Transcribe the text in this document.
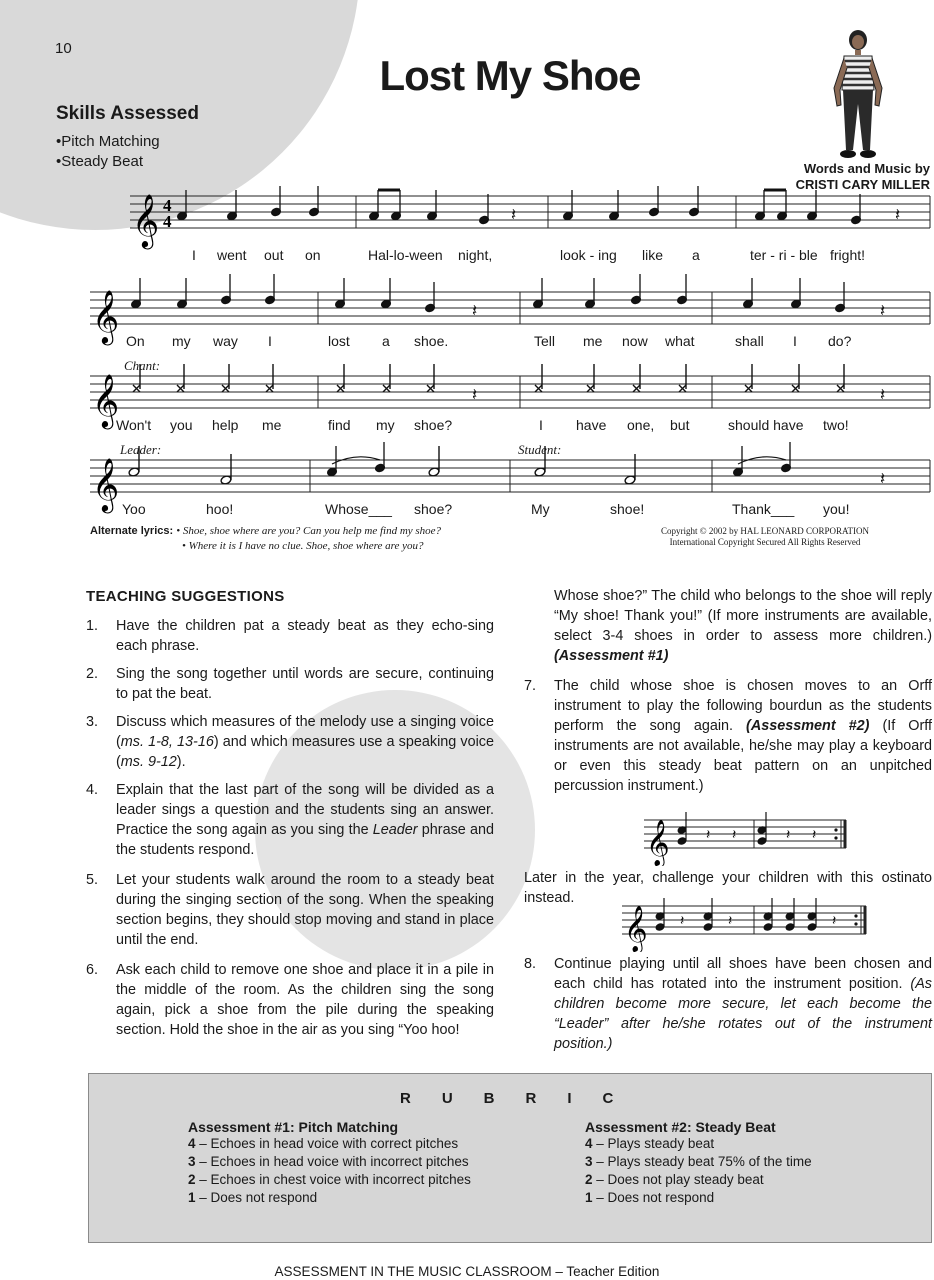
10
Lost My Shoe
Skills Assessed
• Pitch Matching
• Steady Beat	Words and Music by
CRISTI CARY MILLER
𝄞 4
4	𝄽	𝄽
𝄞	𝄽	𝄽
𝄞	𝄽	𝄽
𝄞	𝄽
Chant:
Leader:	Student:
I went out on	Hal-lo-ween night,	look - ing like a	ter - ri - ble fright!
On my way I	lost a shoe.	Tell me now what	shall I do?
Won't you help me	find my shoe?	I have	but
one,	should have two!
Yoo	hoo!	Whose___ shoe?	My	shoe!	Thank___ you!
Alternate lyrics: • Shoe, shoe where are you? Can you help me find my shoe?
• Where it is I have no clue. Shoe, shoe where are you?
Copyright © 2002 by HAL LEONARD CORPORATION
International Copyright Secured All Rights Reserved
TEACHING SUGGESTIONS
1. Have the children pat a steady beat as they echo-sing each phrase.
2. Sing the song together until words are secure, continuing to pat the beat.
3. Discuss which measures of the melody use a singing voice (ms. 1-8, 13-16) and which measures use a speaking voice (ms. 9-12).
4. Explain that the last part of the song will be divided as a leader sings a question and the students sing an answer. Practice the song again as you sing the Leader phrase and the students respond.
5. Let your students walk around the room to a steady beat during the singing section of the song. When the speaking section begins, they should stop moving and stand in place until the end.
6. Ask each child to remove one shoe and place it in a pile in the middle of the room. As the children sing the song again, pick a shoe from the pile during the speaking section. Hold the shoe in the air as you sing “Yoo hoo!
Whose shoe?” The child who belongs to the shoe will reply “My shoe! Thank you!” (If more instruments are available, select 3-4 shoes in order to assess more children.) (Assessment #1)
7. The child whose shoe is chosen moves to an Orff instrument to play the following bourdun as the students perform the song again. (Assessment #2) (If Orff instruments are not available, he/she may play a keyboard or even this steady beat pattern on an unpitched percussion instrument.)
Later in the year, challenge your children with this ostinato instead.
8. Continue playing until all shoes have been chosen and each child has rotated into the instrument position. (As children become more secure, let each become the “Leader” after he/she rotates out of the instrument position.)
𝄞	𝄽 𝄽	𝄽 𝄽
𝄞 𝄽	𝄽	𝄽
RUBRIC
Assessment #1: Pitch Matching
4 – Echoes in head voice with correct pitches
3 – Echoes in head voice with incorrect pitches
2 – Echoes in chest voice with incorrect pitches
1 – Does not respond
Assessment #2: Steady Beat
4 – Plays steady beat
3 – Plays steady beat 75% of the time
2 – Does not play steady beat
1 – Does not respond
ASSESSMENT IN THE MUSIC CLASSROOM – Teacher Edition
